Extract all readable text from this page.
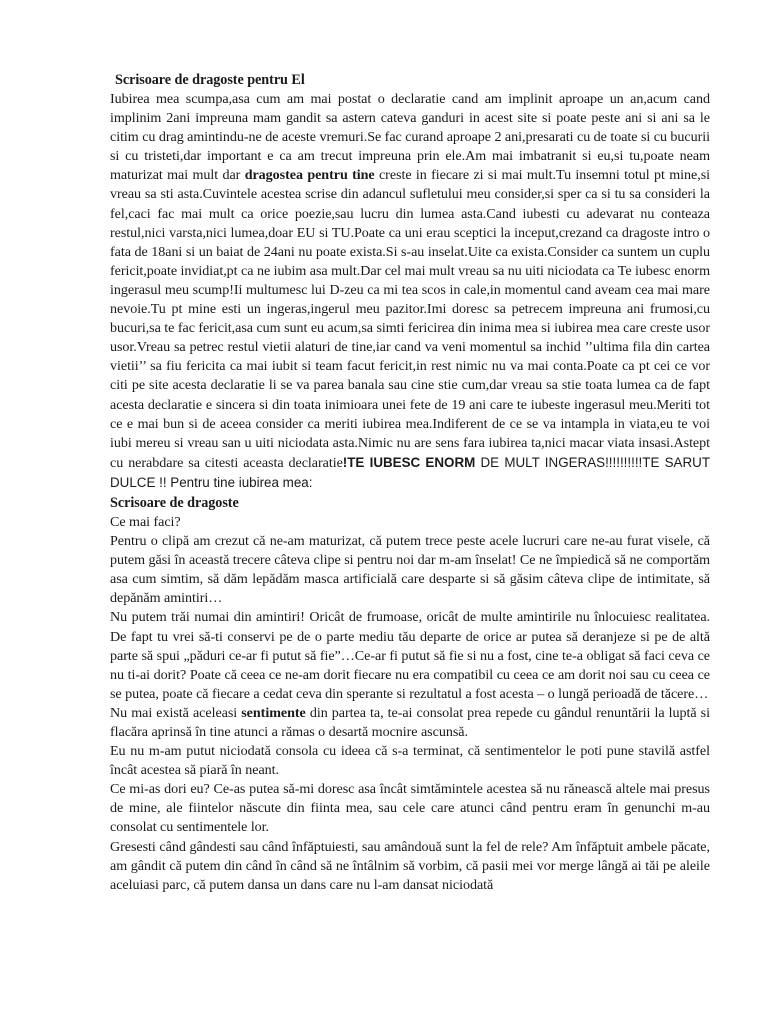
Scrisoare de dragoste pentru El

Iubirea mea scumpa,asa cum am mai postat o declaratie cand am implinit aproape un an,acum cand implinim 2ani impreuna mam gandit sa astern cateva ganduri in acest site si poate peste ani si ani sa le citim cu drag amintindu-ne de aceste vremuri.Se fac curand aproape 2 ani,presarati cu de toate si cu bucurii si cu tristeti,dar important e ca am trecut impreuna prin ele.Am mai imbatranit si eu,si tu,poate neam maturizat mai mult dar dragostea pentru tine creste in fiecare zi si mai mult.Tu insemni totul pt mine,si vreau sa sti asta.Cuvintele acestea scrise din adancul sufletului meu consider,si sper ca si tu sa consideri la fel,caci fac mai mult ca orice poezie,sau lucru din lumea asta.Cand iubesti cu adevarat nu conteaza restul,nici varsta,nici lumea,doar EU si TU.Poate ca uni erau sceptici la inceput,crezand ca dragoste intro o fata de 18ani si un baiat de 24ani nu poate exista.Si s-au inselat.Uite ca exista.Consider ca suntem un cuplu fericit,poate invidiat,pt ca ne iubim asa mult.Dar cel mai mult vreau sa nu uiti niciodata ca Te iubesc enorm ingerasul meu scump!Ii multumesc lui D-zeu ca mi tea scos in cale,in momentul cand aveam cea mai mare nevoie.Tu pt mine esti un ingeras,ingerul meu pazitor.Imi doresc sa petrecem impreuna ani frumosi,cu bucuri,sa te fac fericit,asa cum sunt eu acum,sa simti fericirea din inima mea si iubirea mea care creste usor usor.Vreau sa petrec restul vietii alaturi de tine,iar cand va veni momentul sa inchid ’’ultima fila din cartea vietii’’ sa fiu fericita ca mai iubit si team facut fericit,in rest nimic nu va mai conta.Poate ca pt cei ce vor citi pe site acesta declaratie li se va parea banala sau cine stie cum,dar vreau sa stie toata lumea ca de fapt acesta declaratie e sincera si din toata inimioara unei fete de 19 ani care te iubeste ingerasul meu.Meriti tot ce e mai bun si de aceea consider ca meriti iubirea mea.Indiferent de ce se va intampla in viata,eu te voi iubi mereu si vreau san u uiti niciodata asta.Nimic nu are sens fara iubirea ta,nici macar viata insasi.Astept cu nerabdare sa citesti aceasta declaratie!TE IUBESC ENORM DE MULT INGERAS!!!!!!!!!!TE SARUT DULCE !! Pentru tine iubirea mea:

Scrisoare de dragoste

Ce mai faci?

Pentru o clipă am crezut că ne-am maturizat, că putem trece peste acele lucruri care ne-au furat visele, că putem găsi în această trecere câteva clipe si pentru noi dar m-am înselat! Ce ne împiedică să ne comportăm asa cum simtim, să dăm lepădăm masca artificială care desparte si să găsim câteva clipe de intimitate, să depănăm amintiri…

Nu putem trăi numai din amintiri! Oricât de frumoase, oricât de multe amintirile nu înlocuiesc realitatea. De fapt tu vrei să-ti conservi pe de o parte mediu tău departe de orice ar putea să deranjeze si pe de altă parte să spui „păduri ce-ar fi putut să fie”…Ce-ar fi putut să fie si nu a fost, cine te-a obligat să faci ceva ce nu ti-ai dorit? Poate că ceea ce ne-am dorit fiecare nu era compatibil cu ceea ce am dorit noi sau cu ceea ce se putea, poate că fiecare a cedat ceva din sperante si rezultatul a fost acesta – o lungă perioadă de tăcere…

Nu mai există aceleasi sentimente din partea ta, te-ai consolat prea repede cu gândul renuntării la luptă si flacăra aprinsă în tine atunci a rămas o desartă mocnire ascunsă.

Eu nu m-am putut niciodată consola cu ideea că s-a terminat, că sentimentelor le poti pune stavilă astfel încât acestea să piară în neant.

Ce mi-as dori eu? Ce-as putea să-mi doresc asa încât simtămintele acestea să nu rănească altele mai presus de mine, ale fiintelor născute din fiinta mea, sau cele care atunci când pentru eram în genunchi m-au consolat cu sentimentele lor.

Gresesti când gândesti sau când înfăptuiesti, sau amândouă sunt la fel de rele? Am înfăptuit ambele păcate, am gândit că putem din când în când să ne întâlnim să vorbim, că pasii mei vor merge lângă ai tăi pe aleile aceluiasi parc, că putem dansa un dans care nu l-am dansat niciodată
